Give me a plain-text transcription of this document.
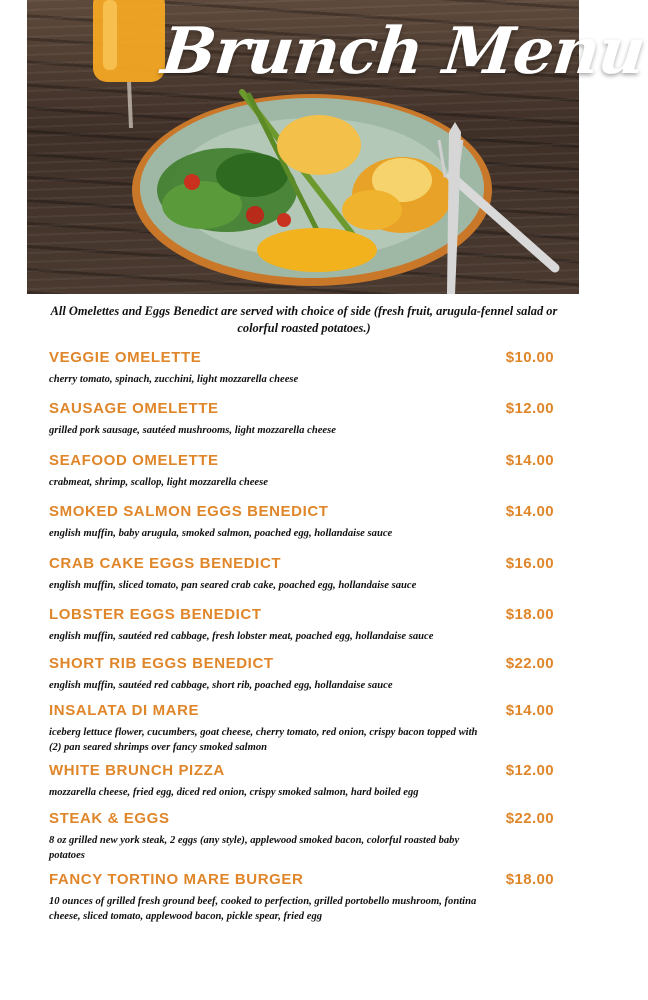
Brunch Menu
All Omelettes and Eggs Benedict are served with choice of side (fresh fruit, arugula-fennel salad or colorful roasted potatoes.)
VEGGIE OMELETTE	$10.00
cherry tomato, spinach, zucchini, light mozzarella cheese
SAUSAGE OMELETTE	$12.00
grilled pork sausage, sautéed mushrooms, light mozzarella cheese
SEAFOOD OMELETTE	$14.00
crabmeat, shrimp, scallop, light mozzarella cheese
SMOKED SALMON EGGS BENEDICT	$14.00
english muffin, baby arugula, smoked salmon, poached egg, hollandaise sauce
CRAB CAKE EGGS BENEDICT	$16.00
english muffin, sliced tomato, pan seared crab cake, poached egg, hollandaise sauce
LOBSTER EGGS BENEDICT	$18.00
english muffin, sautéed red cabbage, fresh lobster meat, poached egg, hollandaise sauce
SHORT RIB EGGS BENEDICT	$22.00
english muffin, sautéed red cabbage, short rib, poached egg, hollandaise sauce
INSALATA DI MARE	$14.00
iceberg lettuce flower, cucumbers, goat cheese, cherry tomato, red onion, crispy bacon topped with (2) pan seared shrimps over fancy smoked salmon
WHITE BRUNCH PIZZA	$12.00
mozzarella cheese, fried egg, diced red onion, crispy smoked salmon, hard boiled egg
STEAK & EGGS	$22.00
8 oz grilled new york steak, 2 eggs (any style), applewood smoked bacon, colorful roasted baby potatoes
FANCY TORTINO MARE BURGER	$18.00
10 ounces of grilled fresh ground beef, cooked to perfection, grilled portobello mushroom, fontina cheese, sliced tomato, applewood bacon, pickle spear, fried egg
